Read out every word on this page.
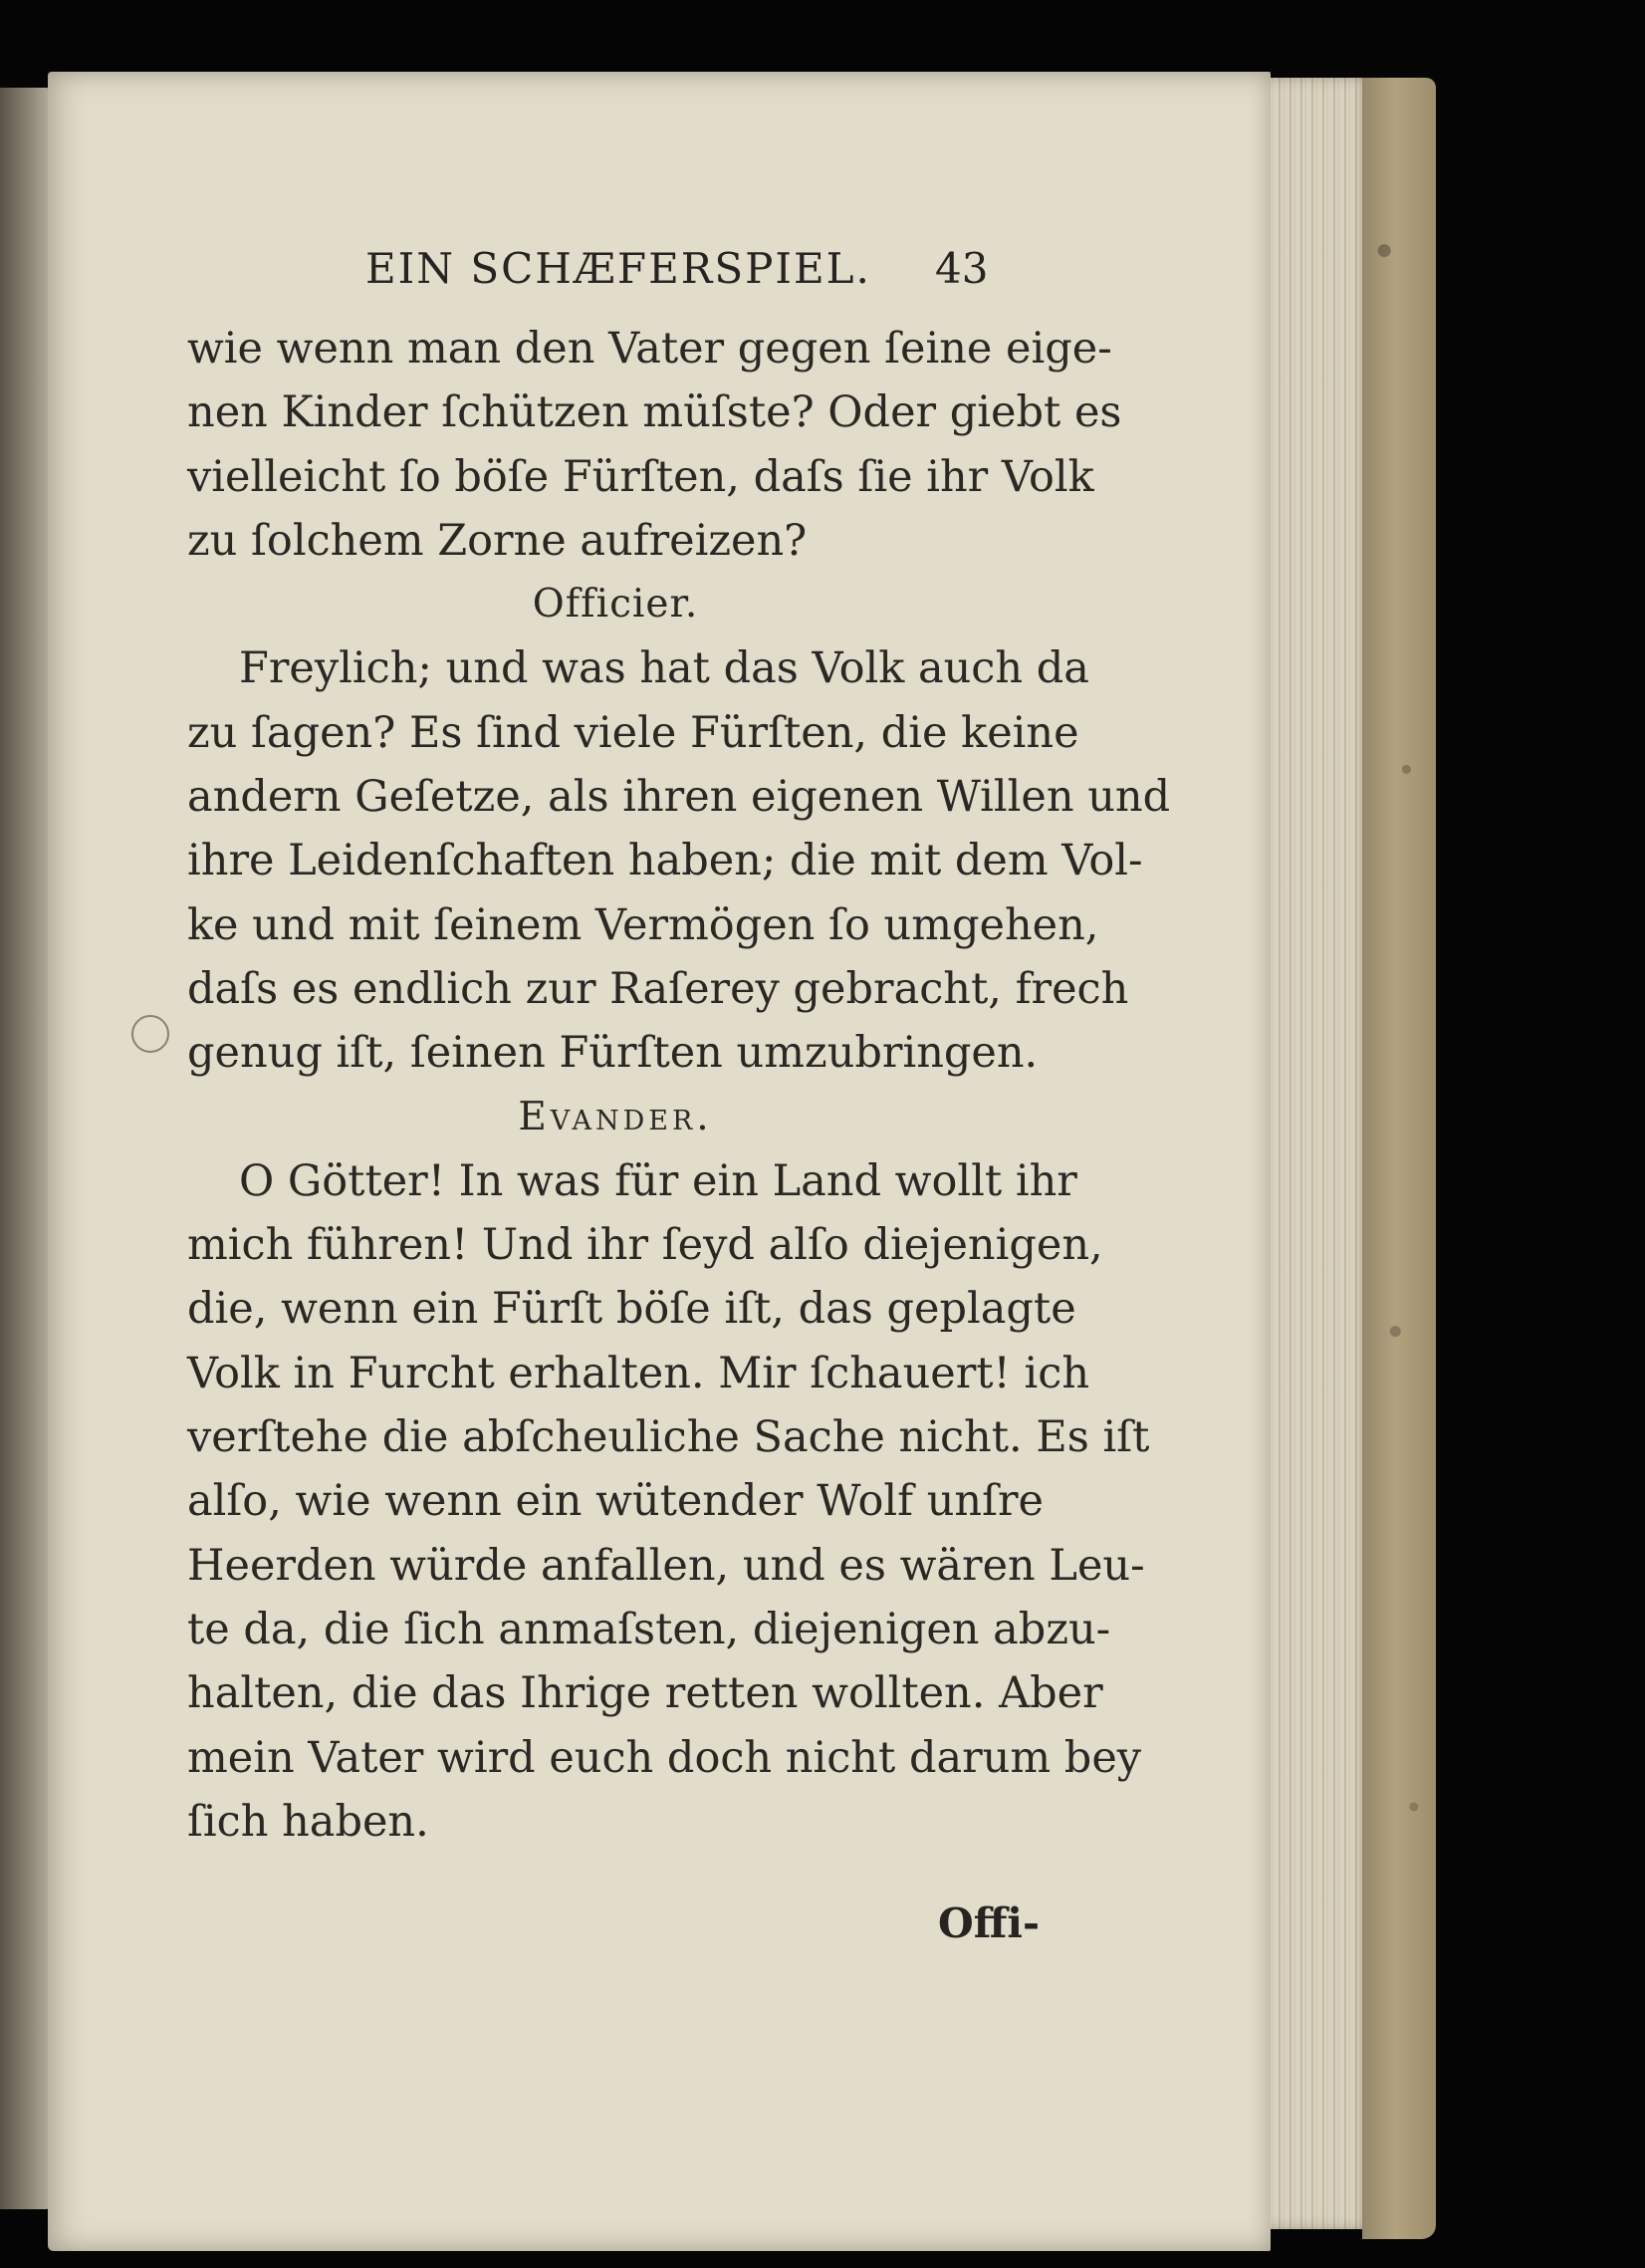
EIN SCHÆFERSPIEL. 43
wie wenn man den Vater gegen ſeine eige-
nen Kinder ſchützen müſste? Oder giebt es
vielleicht ſo böſe Fürſten, daſs ſie ihr Volk
zu ſolchem Zorne aufreizen?
Officier.
Freylich; und was hat das Volk auch da
zu ſagen? Es ſind viele Fürſten, die keine
andern Geſetze, als ihren eigenen Willen und
ihre Leidenſchaften haben; die mit dem Vol-
ke und mit ſeinem Vermögen ſo umgehen,
daſs es endlich zur Raſerey gebracht, frech
genug iſt, ſeinen Fürſten umzubringen.
Evander.
O Götter! In was für ein Land wollt ihr
mich führen! Und ihr ſeyd alſo diejenigen,
die, wenn ein Fürſt böſe iſt, das geplagte
Volk in Furcht erhalten. Mir ſchauert! ich
verſtehe die abſcheuliche Sache nicht. Es iſt
alſo, wie wenn ein wütender Wolf unſre
Heerden würde anfallen, und es wären Leu-
te da, die ſich anmaſsten, diejenigen abzu-
halten, die das Ihrige retten wollten. Aber
mein Vater wird euch doch nicht darum bey
ſich haben.
Offi-
